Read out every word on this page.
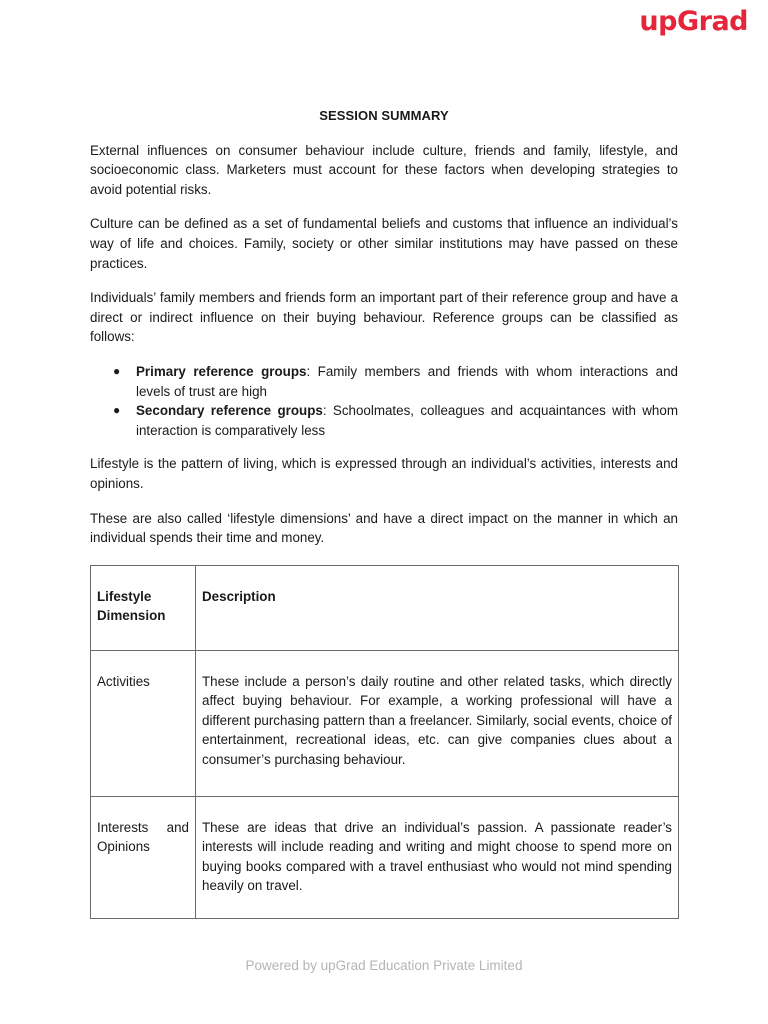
upGrad
SESSION SUMMARY

External influences on consumer behaviour include culture, friends and family, lifestyle, and socioeconomic class. Marketers must account for these factors when developing strategies to avoid potential risks.

Culture can be defined as a set of fundamental beliefs and customs that influence an individual’s way of life and choices. Family, society or other similar institutions may have passed on these practices.

Individuals’ family members and friends form an important part of their reference group and have a direct or indirect influence on their buying behaviour. Reference groups can be classified as follows:

● Primary reference groups: Family members and friends with whom interactions and levels of trust are high
● Secondary reference groups: Schoolmates, colleagues and acquaintances with whom interaction is comparatively less

Lifestyle is the pattern of living, which is expressed through an individual’s activities, interests and opinions.

These are also called ‘lifestyle dimensions’ and have a direct impact on the manner in which an individual spends their time and money.

Lifestyle Dimension	Description
Activities	These include a person’s daily routine and other related tasks, which directly affect buying behaviour. For example, a working professional will have a different purchasing pattern than a freelancer. Similarly, social events, choice of entertainment, recreational ideas, etc. can give companies clues about a consumer’s purchasing behaviour.
Interests and Opinions	These are ideas that drive an individual’s passion. A passionate reader’s interests will include reading and writing and might choose to spend more on buying books compared with a travel enthusiast who would not mind spending heavily on travel.
Powered by upGrad Education Private Limited
